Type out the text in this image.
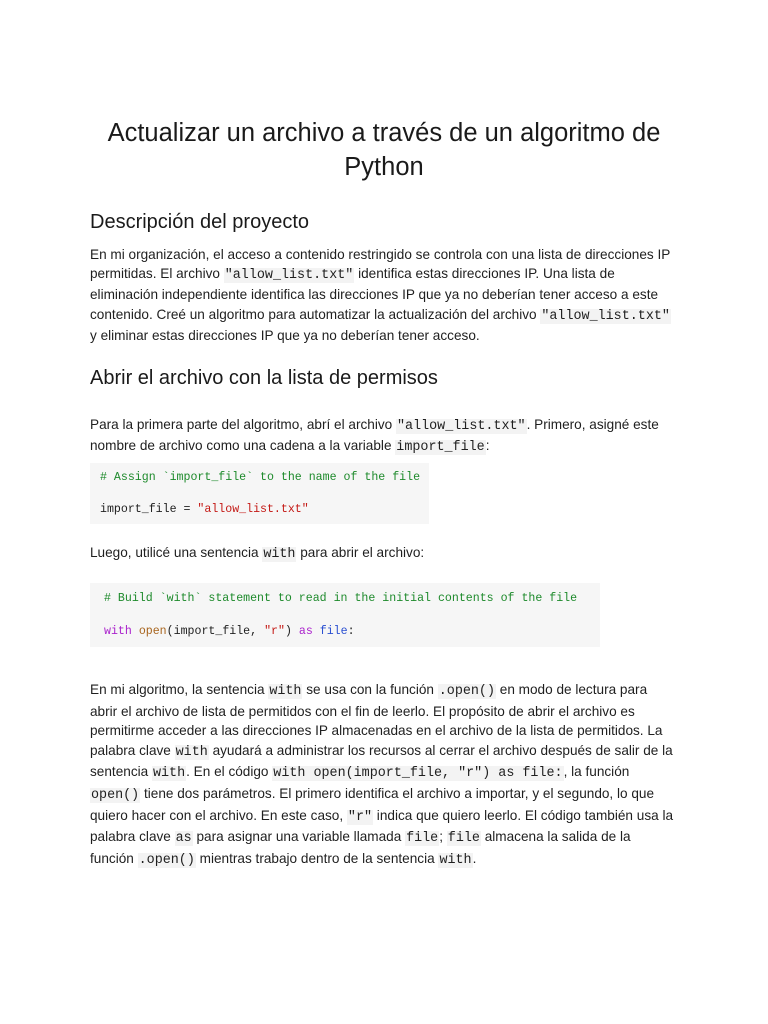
Actualizar un archivo a través de un algoritmo de Python
Descripción del proyecto

En mi organización, el acceso a contenido restringido se controla con una lista de direcciones IP permitidas. El archivo "allow_list.txt" identifica estas direcciones IP. Una lista de eliminación independiente identifica las direcciones IP que ya no deberían tener acceso a este contenido. Creé un algoritmo para automatizar la actualización del archivo "allow_list.txt" y eliminar estas direcciones IP que ya no deberían tener acceso.

Abrir el archivo con la lista de permisos

Para la primera parte del algoritmo, abrí el archivo "allow_list.txt". Primero, asigné este nombre de archivo como una cadena a la variable import_file:

# Assign `import_file` to the name of the file
import_file = "allow_list.txt"

Luego, utilicé una sentencia with para abrir el archivo:

# Build `with` statement to read in the initial contents of the file
with open(import_file, "r") as file:

En mi algoritmo, la sentencia with se usa con la función .open() en modo de lectura para abrir el archivo de lista de permitidos con el fin de leerlo. El propósito de abrir el archivo es permitirme acceder a las direcciones IP almacenadas en el archivo de la lista de permitidos. La palabra clave with ayudará a administrar los recursos al cerrar el archivo después de salir de la sentencia with. En el código with open(import_file, "r") as file:, la función open() tiene dos parámetros. El primero identifica el archivo a importar, y el segundo, lo que quiero hacer con el archivo. En este caso, "r" indica que quiero leerlo. El código también usa la palabra clave as para asignar una variable llamada file; file almacena la salida de la función .open() mientras trabajo dentro de la sentencia with.
